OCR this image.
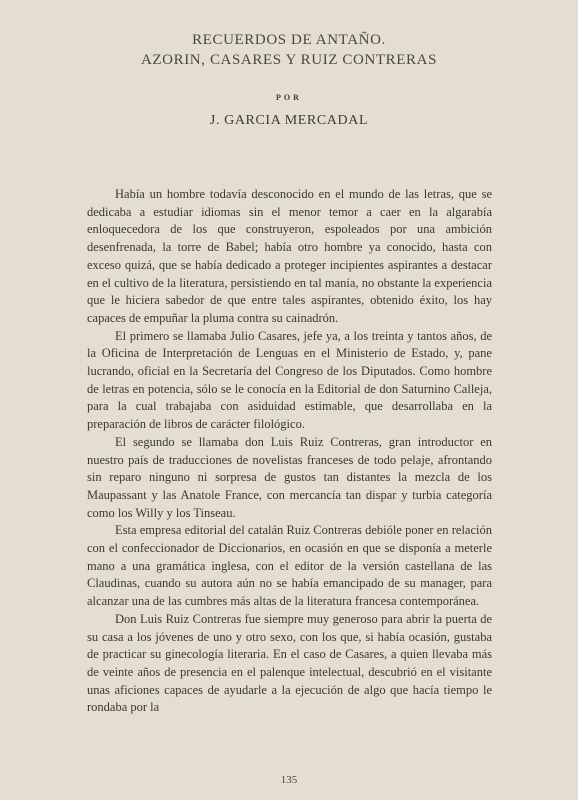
RECUERDOS DE ANTAÑO.
AZORIN, CASARES Y RUIZ CONTRERAS
POR
J. GARCIA MERCADAL

Había un hombre todavía desconocido en el mundo de las letras, que se dedicaba a estudiar idiomas sin el menor temor a caer en la algarabía enloquecedora de los que construyeron, espoleados por una ambición desenfrenada, la torre de Babel; había otro hombre ya conocido, hasta con exceso quizá, que se había dedicado a proteger incipientes aspirantes a destacar en el cultivo de la literatura, persistiendo en tal manía, no obstante la experiencia que le hiciera sabedor de que entre tales aspirantes, obtenido éxito, los hay capaces de empuñar la pluma contra su cainadrón.

El primero se llamaba Julio Casares, jefe ya, a los treinta y tantos años, de la Oficina de Interpretación de Lenguas en el Ministerio de Estado, y, pane lucrando, oficial en la Secretaría del Congreso de los Diputados. Como hombre de letras en potencia, sólo se le conocía en la Editorial de don Saturnino Calleja, para la cual trabajaba con asiduidad estimable, que desarrollaba en la preparación de libros de carácter filológico.

El segundo se llamaba don Luis Ruiz Contreras, gran introductor en nuestro país de traducciones de novelistas franceses de todo pelaje, afrontando sin reparo ninguno ni sorpresa de gustos tan distantes la mezcla de los Maupassant y las Anatole France, con mercancía tan dispar y turbia categoría como los Willy y los Tinseau.

Esta empresa editorial del catalán Ruiz Contreras debióle poner en relación con el confeccionador de Diccionarios, en ocasión en que se disponía a meterle mano a una gramática inglesa, con el editor de la versión castellana de las Claudinas, cuando su autora aún no se había emancipado de su manager, para alcanzar una de las cumbres más altas de la literatura francesa contemporánea.

Don Luis Ruiz Contreras fue siempre muy generoso para abrir la puerta de su casa a los jóvenes de uno y otro sexo, con los que, si había ocasión, gustaba de practicar su ginecología literaria. En el caso de Casares, a quien llevaba más de veinte años de presencia en el palenque intelectual, descubrió en el visitante unas aficiones capaces de ayudarle a la ejecución de algo que hacía tiempo le rondaba por la

135
